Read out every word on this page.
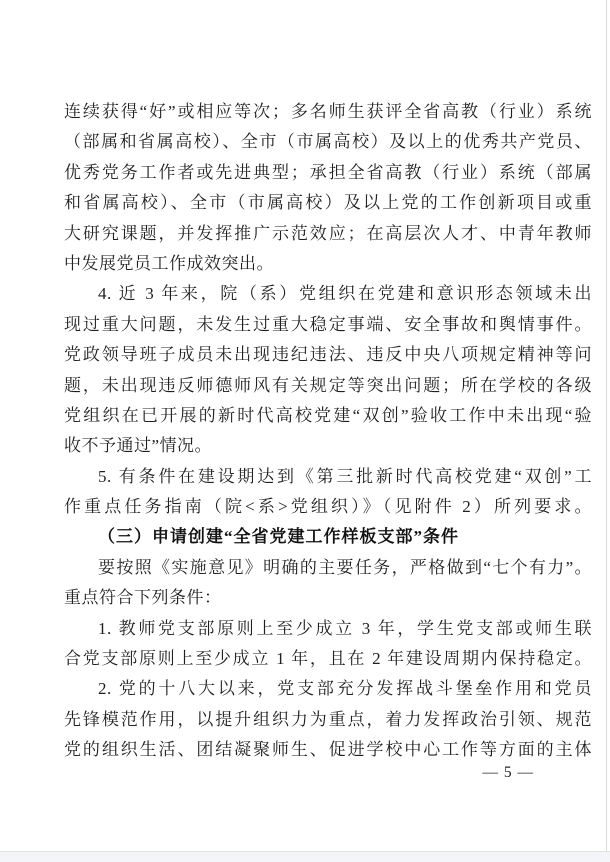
连续获得“好”或相应等次；多名师生获评全省高教（行业）系统
（部属和省属高校）、全市（市属高校）及以上的优秀共产党员、
优秀党务工作者或先进典型；承担全省高教（行业）系统（部属
和省属高校）、全市（市属高校）及以上党的工作创新项目或重
大研究课题，并发挥推广示范效应；在高层次人才、中青年教师
中发展党员工作成效突出。
4. 近 3 年来，院（系）党组织在党建和意识形态领域未出
现过重大问题，未发生过重大稳定事端、安全事故和舆情事件。
党政领导班子成员未出现违纪违法、违反中央八项规定精神等问
题，未出现违反师德师风有关规定等突出问题；所在学校的各级
党组织在已开展的新时代高校党建“双创”验收工作中未出现“验
收不予通过”情况。
5. 有条件在建设期达到《第三批新时代高校党建“双创”工
作重点任务指南（院<系>党组织）》（见附件 2）所列要求。
（三）申请创建“全省党建工作样板支部”条件
要按照《实施意见》明确的主要任务，严格做到“七个有力”。
重点符合下列条件：
1. 教师党支部原则上至少成立 3 年，学生党支部或师生联
合党支部原则上至少成立 1 年，且在 2 年建设周期内保持稳定。
2. 党的十八大以来，党支部充分发挥战斗堡垒作用和党员
先锋模范作用，以提升组织力为重点，着力发挥政治引领、规范
党的组织生活、团结凝聚师生、促进学校中心工作等方面的主体
— 5 —
